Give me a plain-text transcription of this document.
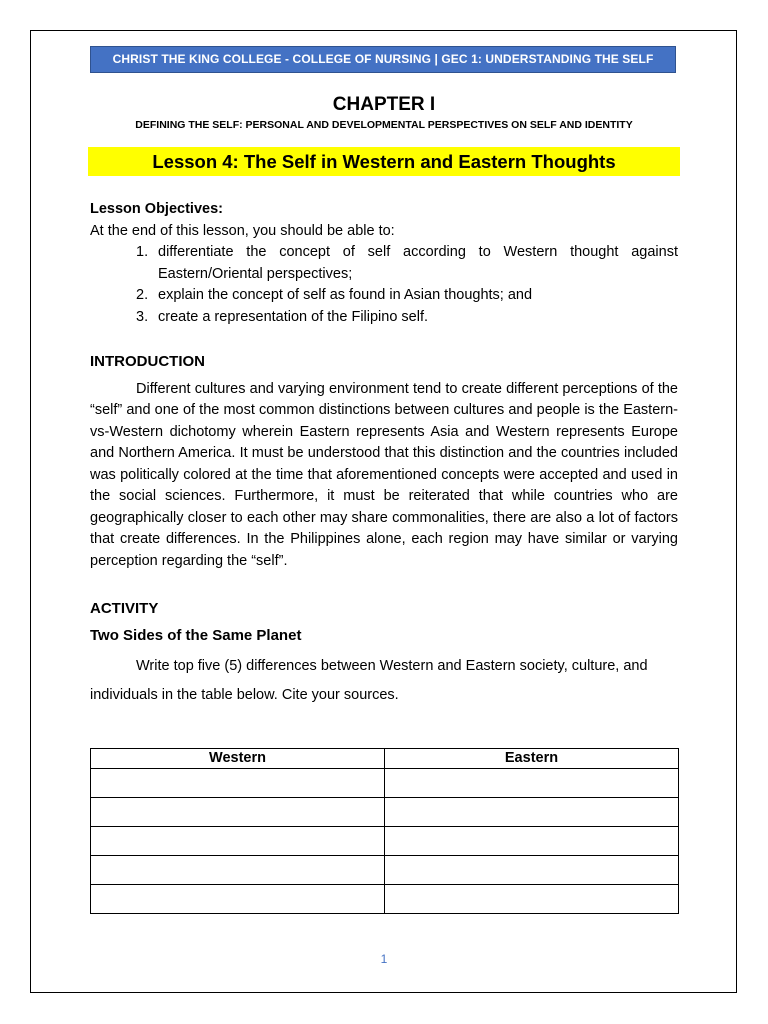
CHRIST THE KING COLLEGE - COLLEGE OF NURSING | GEC 1: UNDERSTANDING THE SELF
CHAPTER I
DEFINING THE SELF: PERSONAL AND DEVELOPMENTAL PERSPECTIVES ON SELF AND IDENTITY
Lesson 4: The Self in Western and Eastern Thoughts

Lesson Objectives:

At the end of this lesson, you should be able to:

1. differentiate the concept of self according to Western thought against Eastern/Oriental perspectives;
2. explain the concept of self as found in Asian thoughts; and
3. create a representation of the Filipino self.

INTRODUCTION

Different cultures and varying environment tend to create different perceptions of the “self” and one of the most common distinctions between cultures and people is the Eastern-vs-Western dichotomy wherein Eastern represents Asia and Western represents Europe and Northern America. It must be understood that this distinction and the countries included was politically colored at the time that aforementioned concepts were accepted and used in the social sciences. Furthermore, it must be reiterated that while countries who are geographically closer to each other may share commonalities, there are also a lot of factors that create differences. In the Philippines alone, each region may have similar or varying perception regarding the “self”.

ACTIVITY

Two Sides of the Same Planet

Write top five (5) differences between Western and Eastern society, culture, and individuals in the table below. Cite your sources.

Western	Eastern

1
